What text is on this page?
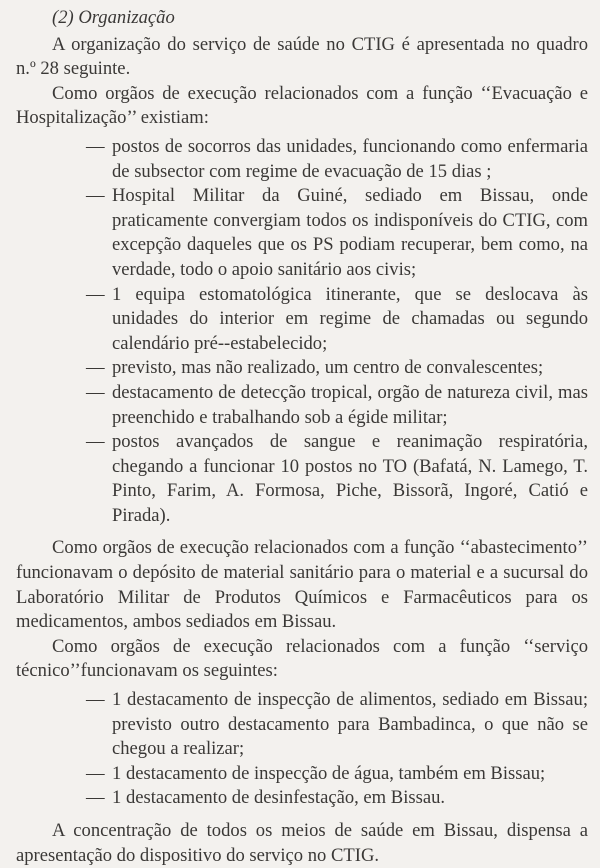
(2) Organização

A organização do serviço de saúde no CTIG é apresentada no quadro n.º 28 seguinte.

Como orgãos de execução relacionados com a função ‘‘Evacuação e Hospitalização’’ existiam:

— postos de socorros das unidades, funcionando como enfermaria de subsector com regime de evacuação de 15 dias ;
— Hospital Militar da Guiné, sediado em Bissau, onde praticamente convergiam todos os indisponíveis do CTIG, com excepção daqueles que os PS podiam recuperar, bem como, na verdade, todo o apoio sanitário aos civis;
— 1 equipa estomatológica itinerante, que se deslocava às unidades do interior em regime de chamadas ou segundo calendário pré--estabelecido;
— previsto, mas não realizado, um centro de convalescentes;
— destacamento de detecção tropical, orgão de natureza civil, mas preenchido e trabalhando sob a égide militar;
— postos avançados de sangue e reanimação respiratória, chegando a funcionar 10 postos no TO (Bafatá, N. Lamego, T. Pinto, Farim, A. Formosa, Piche, Bissorã, Ingoré, Catió e Pirada).

Como orgãos de execução relacionados com a função ‘‘abastecimento’’ funcionavam o depósito de material sanitário para o material e a sucursal do Laboratório Militar de Produtos Químicos e Farmacêuticos para os medicamentos, ambos sediados em Bissau.

Como orgãos de execução relacionados com a função ‘‘serviço técnico’’funcionavam os seguintes:

— 1 destacamento de inspecção de alimentos, sediado em Bissau; previsto outro destacamento para Bambadinca, o que não se chegou a realizar;
— 1 destacamento de inspecção de água, também em Bissau;
— 1 destacamento de desinfestação, em Bissau.

A concentração de todos os meios de saúde em Bissau, dispensa a apresentação do dispositivo do serviço no CTIG.
